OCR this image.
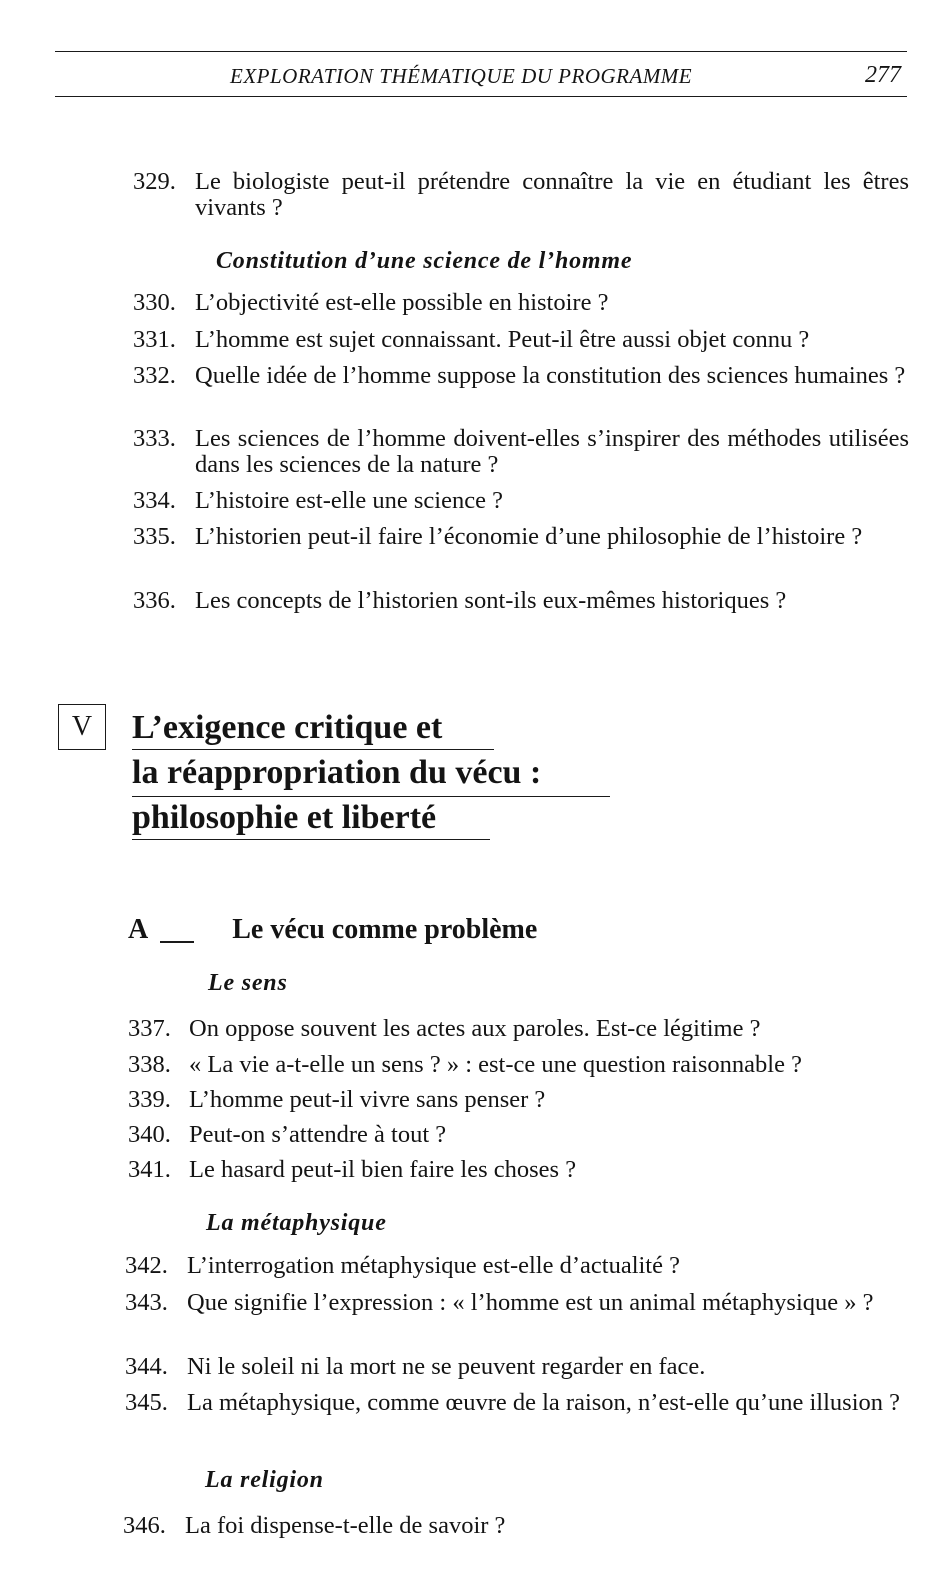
EXPLORATION THÉMATIQUE DU PROGRAMME	277
329. Le biologiste peut-il prétendre connaître la vie en étudiant les êtres vivants ?
Constitution d’une science de l’homme
330. L’objectivité est-elle possible en histoire ?
331. L’homme est sujet connaissant. Peut-il être aussi objet connu ?
332. Quelle idée de l’homme suppose la constitution des sciences humaines ?
333. Les sciences de l’homme doivent-elles s’inspirer des méthodes utilisées dans les sciences de la nature ?
334. L’histoire est-elle une science ?
335. L’historien peut-il faire l’économie d’une philosophie de l’histoire ?
336. Les concepts de l’historien sont-ils eux-mêmes historiques ?
V	L’exigence critique et
la réappropriation du vécu :
philosophie et liberté
A	Le vécu comme problème
Le sens
337. On oppose souvent les actes aux paroles. Est-ce légitime ?
338. « La vie a-t-elle un sens ? » : est-ce une question raisonnable ?
339. L’homme peut-il vivre sans penser ?
340. Peut-on s’attendre à tout ?
341. Le hasard peut-il bien faire les choses ?
La métaphysique
342. L’interrogation métaphysique est-elle d’actualité ?
343. Que signifie l’expression : « l’homme est un animal métaphysique » ?
344. Ni le soleil ni la mort ne se peuvent regarder en face.
345. La métaphysique, comme œuvre de la raison, n’est-elle qu’une illusion ?
La religion
346. La foi dispense-t-elle de savoir ?
